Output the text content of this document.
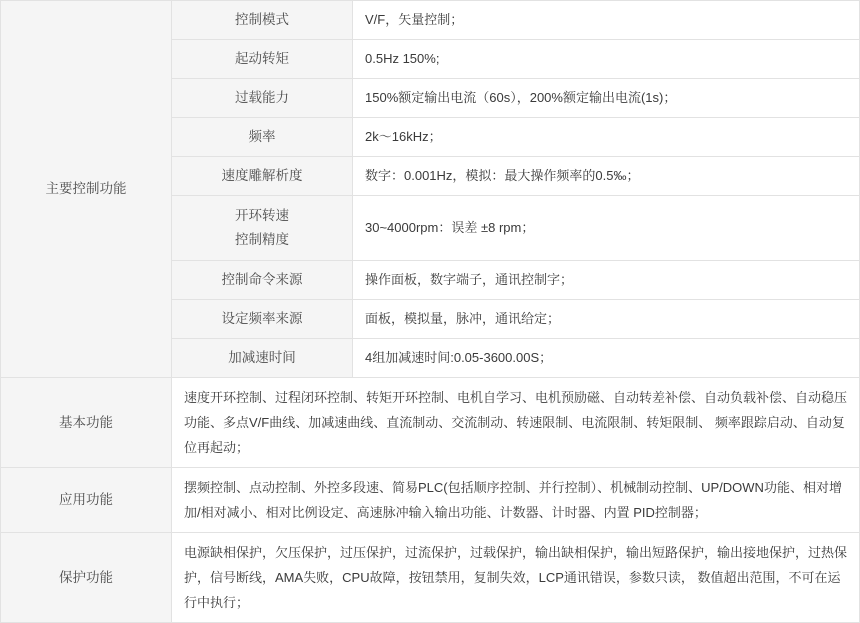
主要控制功能	控制模式	V/F，矢量控制；
	起动转矩	0.5Hz 150%;
	过载能力	150%额定输出电流（60s），200%额定输出电流(1s)；
	频率	2k～16kHz；
	速度雕解析度	数字：0.001Hz，模拟：最大操作频率的0.5‰；

	开环转速
控制精度	30~4000rpm：误差 ±8 rpm；
	控制命令来源	操作面板，数字端子，通讯控制字；
	设定频率来源	面板，模拟量，脉冲，通讯给定；
	加减速时间	4组加减速时间:0.05-3600.00S；
基本功能	速度开环控制、过程闭环控制、转矩开环控制、电机自学习、电机预励磁、自动转差补偿、自动负载补偿、自动稳压功能、多点V/F曲线、加减速曲线、直流制动、交流制动、转速限制、电流限制、转矩限制、 频率跟踪启动、自动复位再起动；	
应用功能	摆频控制、点动控制、外控多段速、简易PLC(包括顺序控制、并行控制）、机械制动控制、UP/DOWN功能、相对增加/相对减小、相对比例设定、高速脉冲输入输出功能、计数器、计时器、内置 PID控制器；	
保护功能	电源缺相保护，欠压保护，过压保护，过流保护，过载保护，输出缺相保护，输出短路保护，输出接地保护，过热保护，信号断线，AMA失败，CPU故障，按钮禁用，复制失效，LCP通讯错误，参数只读， 数值超出范围，不可在运行中执行；	
